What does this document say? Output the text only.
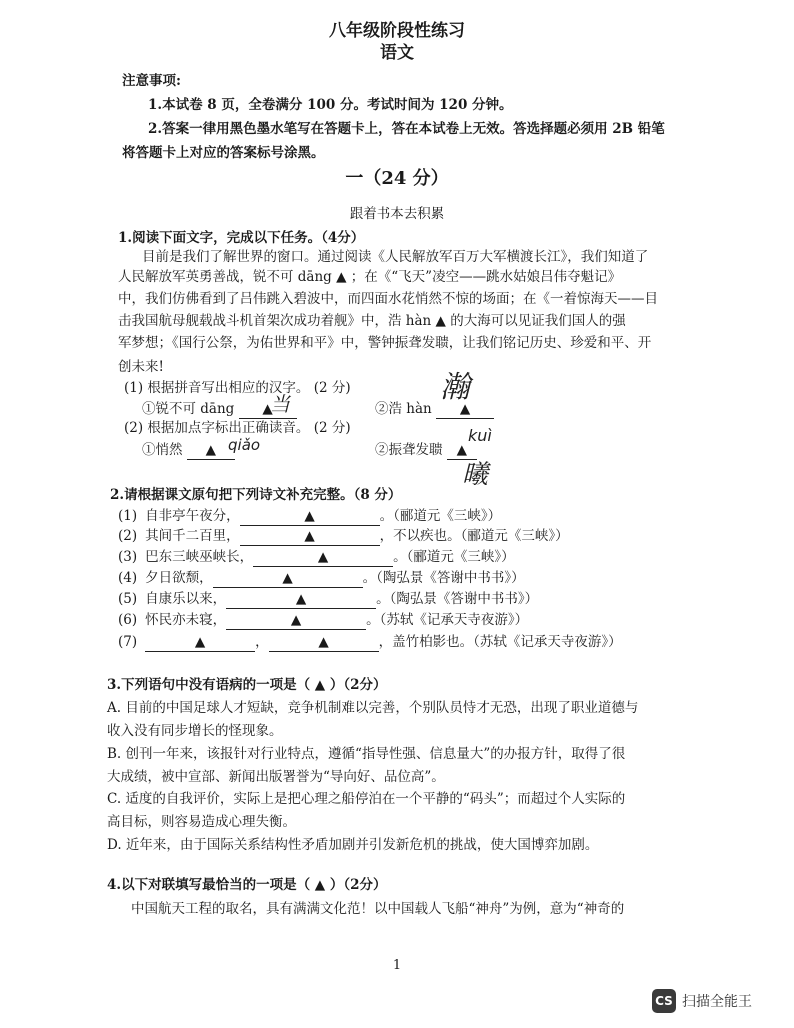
八年级阶段性练习
语文
注意事项:
1.本试卷 8 页，全卷满分 100 分。考试时间为 120 分钟。
2.答案一律用黑色墨水笔写在答题卡上，答在本试卷上无效。答选择题必须用 2B 铅笔
将答题卡上对应的答案标号涂黑。
一（24 分）
跟着书本去积累
1.阅读下面文字，完成以下任务。（4分）
目前是我们了解世界的窗口。通过阅读《人民解放军百万大军横渡长江》，我们知道了
人民解放军英勇善战，锐不可 dāng ▲ ；在《“飞天”凌空——跳水姑娘吕伟夺魁记》
中，我们仿佛看到了吕伟跳入碧波中，而四面水花悄然不惊的场面；在《一着惊海天——目
击我国航母舰载战斗机首架次成功着舰》中，浩 hàn ▲ 的大海可以见证我们国人的强
军梦想；《国行公祭，为佑世界和平》中，警钟振聋发聩，让我们铭记历史、珍爱和平、开
创未来!
(1) 根据拼音写出相应的汉字。 (2 分)
①锐不可 dāng ▲
当	②浩 hàn ▲
瀚
(2) 根据加点字标出正确读音。 (2 分)
①悄然 ▲ qiǎo	②振聋发聩 ▲
kuì
曦
2.请根据课文原句把下列诗文补充完整。（8 分）
(1) 自非亭午夜分，	▲	。（郦道元《三峡》）
(2) 其间千二百里，	▲	，不以疾也。（郦道元《三峡》）
(3) 巴东三峡巫峡长，	▲	。（郦道元《三峡》）
(4) 夕日欲颓，	▲	。（陶弘景《答谢中书书》）
(5) 自康乐以来，	▲	。（陶弘景《答谢中书书》）
(6) 怀民亦未寝，	▲	。（苏轼《记承天寺夜游》）
(7)	▲	，	▲	，盖竹柏影也。（苏轼《记承天寺夜游》）
3.下列语句中没有语病的一项是（ ▲ ）（2分）
A. 目前的中国足球人才短缺，竞争机制难以完善，个别队员恃才无恐，出现了职业道德与
收入没有同步增长的怪现象。
B. 创刊一年来，该报针对行业特点，遵循“指导性强、信息量大”的办报方针，取得了很
大成绩，被中宣部、新闻出版署誉为“导向好、品位高”。
C. 适度的自我评价，实际上是把心理之船停泊在一个平静的“码头”；而超过个人实际的
高目标，则容易造成心理失衡。
D. 近年来，由于国际关系结构性矛盾加剧并引发新危机的挑战，使大国博弈加剧。
4.以下对联填写最恰当的一项是（ ▲ ）（2分）
中国航天工程的取名，具有满满文化范！以中国载人飞船“神舟”为例，意为“神奇的
1
CS 扫描全能王
